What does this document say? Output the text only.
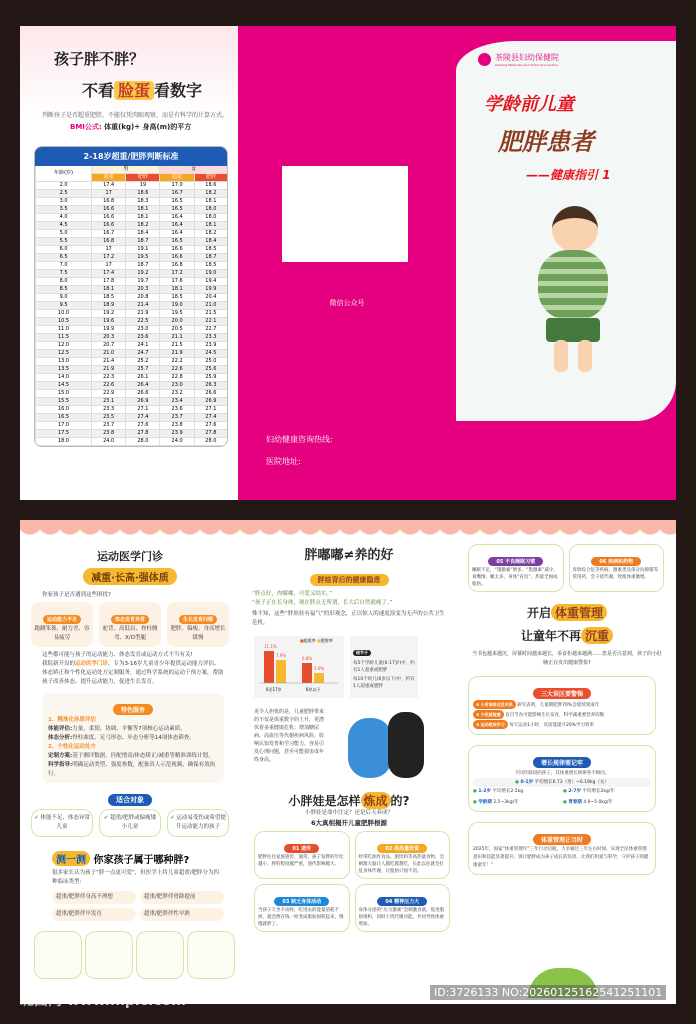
孩子胖不胖？
不看 脸蛋 看数字
判断孩子是否超重肥胖，不能仅凭肉眼观察，而是有科学的计算方式。
BMI公式: 体重(kg)÷ 身高(m)的平方
2-18岁超重/肥胖判断标准
年龄(岁)	男		女	
	超重	肥胖	超重	肥胖
2.0	17.4	19	17.0	18.6
2.5	17	18.6	16.7	18.2
3.0	16.8	18.3	16.5	18.1
3.5	16.6	18.1	16.5	18.0
4.0	16.6	18.1	16.4	18.0
4.5	16.6	18.2	16.4	18.1
5.0	16.7	18.4	16.4	18.2
5.5	16.8	18.7	16.5	18.4
6.0	17	19.1	16.6	18.5
6.5	17.2	19.5	16.6	18.7
7.0	17	18.7	16.8	18.5
7.5	17.4	19.2	17.2	19.0
8.0	17.8	19.7	17.6	19.4
8.5	18.1	20.3	18.1	19.9
9.0	18.5	20.8	18.5	20.4
9.5	18.9	21.4	19.0	21.0
10.0	19.2	21.9	19.5	21.5
10.5	19.6	22.5	20.0	22.1
11.0	19.9	23.0	20.5	22.7
11.5	20.3	23.6	21.1	23.3
12.0	20.7	24.1	21.5	23.9
12.5	21.0	24.7	21.9	24.5
13.0	21.4	25.2	22.2	25.0
13.5	21.9	25.7	22.6	25.6
14.0	22.3	26.1	22.8	25.9
14.5	22.6	26.4	23.0	26.3
15.0	22.9	26.6	23.2	26.6
15.5	23.1	26.9	23.4	26.9
16.0	23.3	27.1	23.6	27.1
16.5	23.5	27.4	23.7	27.4
17.0	23.7	27.6	23.8	27.6
17.5	23.8	27.8	23.9	27.8
18.0	24.0	28.0	24.0	28.0
微信公众号
妇幼健康咨询热线:
医院地址:
茶陵县妇幼保健院
ChaLing Maternity and Child Care Centers
学龄前儿童
肥胖患者
——健康指引 1
运动医学门诊
减重·长高·强体质
你家孩子是否遇到这些困扰?
运动能力不足
跑跳笨拙、耐力差、容易疲劳
体态发育异常
驼背、高低肩、脊柱侧弯、X/O型腿
生长发育问题
肥胖、偏瘦、身高增长缓慢
这些都可能与孩子的运动能力、体态发育或运动方式不当有关!
我院新开设的运动医学门诊，专为3-16岁儿童青少年提供运动能力评估、体态矫正和个性化运动处方定制服务，通过科学系统的运动干预方案，帮助孩子改善体态、提升运动能力，促进生长发育。
特色服务
1、精准化体质评估
体能评估:力量、柔韧、协调、平衡等7项核心运动素质。
体态分析:脊柱曲度、足弓形态、步态分析等14项体态筛查。
2、个性化运动处方
定制方案:基于测评数据，匹配增高/体态矫正/减重等精准训练计划。
科学指导:明确运动类型、强度参数，配备真人示范视频，确保有效执行。
适合对象
✔ 体能不足、体态异常儿童
✔ 超重/肥胖或偏瘦矮小儿童
✔ 运动易受伤或希望提升运动能力的孩子
测一测 你家孩子属于哪种胖?
很多家长认为孩子“胖一点更可爱”，但医学上将儿童超重/肥胖分为四种临床类型:
超重/肥胖伴身高不理想	超重/肥胖伴骨龄提前
超重/肥胖伴早发育	超重/肥胖伴性早熟
胖嘟嘟≠养的好
胖娃背后的健康隐患
“胖点好，肉嘟嘟，可爱又结实。”
“孩子正在长身体，现在胖点无所谓，长大后自然就瘦了。”
殊不知，这些“胖娃娃有福气”的旧观念，正以惊人的速度演变为无声的公共卫生危机。
11.1%
7.9%
6.8%
3.6%
6至17岁	6岁以下
■超重率 ■肥胖率
细节子
每5个学龄儿童(6-17岁)中，约有1人超重或肥胖
每10个幼儿(6岁以下)中，约有1人超重或肥胖
更令人担忧的是，儿童肥胖带来的不仅是体重数字的上升，更潜伏着多重健康危机：增加糖尿病、高血压等代谢疾病风险，影响认知发育和学习能力，容易引发心理问题，甚至可能损害成年终身高。
小胖娃是怎样 炼成 的?
小胖娃是命中注定？还是后天养成？
6大真相揭开儿童肥胖根源
01 遗传
肥胖往往家族遗传，通常，孩子发胖的年纪越小、胖的程度越严重，遗传影响越大。
02 高热量饮食
经常吃油炸食品、甜饮料等高热量食物，会刺激大脑让人越吃越想吃，长此以往就会打乱身体代谢，让脂肪只囤不消。
03 缺乏身体活动
当孩子久坐不动时，吃进去的能量消耗不掉，就会像存钱一样变成脂肪囤积起来，慢慢就胖了。
04 精神压力大
身体分泌的“压力激素”会刺激食欲，促进脂肪堆积，同时干扰代谢功能，共同导致体重增加。
05 不良睡眠习惯
睡眠不足，“饿激素”增多，“饱激素”减少，易嘴馋；睡太多，身体“省电”，热量全囤成脂肪。
06 疾病和药物
库欣综合征等疾病、激素类及部分抗抑郁等常用药，会干扰代谢，致使体重激增。
开启 体重管理
让童年不再 沉重
当书包越来越沉，屏幕时间越来越长，零食柜越来越满……您是否注意到，孩子的小肚腩正在发出健康警报?
三大误区要警惕
✖ 小时候胖点没关系 研究表明，儿童期肥胖70%会延续到成年
✖ 少吃就能瘦 盲目节食可能影响生长发育，科学减重要营养均衡
✖ 运动耽误学习 每天运动1小时，反而能提升20%学习效率
增长规律需记牢
不同年龄段的孩子，其体重增长规律各不相同。
● 0-1岁 平均增长6.73（男）~6.19kg（女）
● 1-2岁 平均增长2.5kg	● 2-7岁 平均增长2kg/年
● 学龄期 2.5~3kg/年	● 青春期 4.0~5.0kg/年
体重管理正当时
2025年，国家“体重管理年”三年行动启航，力争通过三年左右时间，实现全民体重管理意识和技能显著提升。别让肥胖成为孩子成长的负担，让我们用爱与科学，守护孩子的健康童年！”
昵图网 www.nipic.com
ID:3726133 NO:20260125162541251101
